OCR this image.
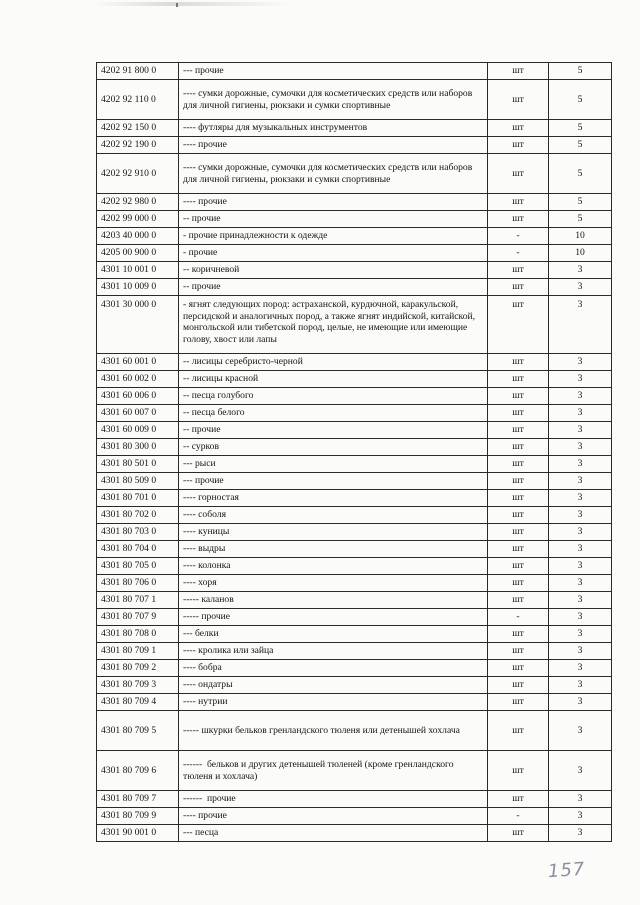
4202 91 800 0	--- прочие	шт	5
4202 92 110 0	---- сумки дорожные, сумочки для косметических средств или наборов для личной гигиены, рюкзаки и сумки спортивные	шт	5
4202 92 150 0	---- футляры для музыкальных инструментов	шт	5
4202 92 190 0	---- прочие	шт	5
4202 92 910 0	---- сумки дорожные, сумочки для косметических средств или наборов для личной гигиены, рюкзаки и сумки спортивные	шт	5
4202 92 980 0	---- прочие	шт	5
4202 99 000 0	-- прочие	шт	5
4203 40 000 0	- прочие принадлежности к одежде	-	10
4205 00 900 0	- прочие	-	10
4301 10 001 0	-- коричневой	шт	3
4301 10 009 0	-- прочие	шт	3
4301 30 000 0	- ягнят следующих пород: астраханской, курдючной, каракульской, персидской и аналогичных пород, а также ягнят индийской, китайской, монгольской или тибетской пород, целые, не имеющие или имеющие голову, хвост или лапы	шт	3
4301 60 001 0	-- лисицы серебристо-черной	шт	3
4301 60 002 0	-- лисицы красной	шт	3
4301 60 006 0	-- песца голубого	шт	3
4301 60 007 0	-- песца белого	шт	3
4301 60 009 0	-- прочие	шт	3
4301 80 300 0	-- сурков	шт	3
4301 80 501 0	--- рыси	шт	3
4301 80 509 0	--- прочие	шт	3
4301 80 701 0	---- горностая	шт	3
4301 80 702 0	---- соболя	шт	3
4301 80 703 0	---- куницы	шт	3
4301 80 704 0	---- выдры	шт	3
4301 80 705 0	---- колонка	шт	3
4301 80 706 0	---- хоря	шт	3
4301 80 707 1	----- каланов	шт	3
4301 80 707 9	----- прочие	-	3
4301 80 708 0	--- белки	шт	3
4301 80 709 1	---- кролика или зайца	шт	3
4301 80 709 2	---- бобра	шт	3
4301 80 709 3	---- ондатры	шт	3
4301 80 709 4	---- нутрии	шт	3
4301 80 709 5	----- шкурки бельков гренландского тюленя или детенышей хохлача	шт	3
4301 80 709 6	------  бельков и других детенышей тюленей (кроме гренландского тюленя и хохлача)	шт	3
4301 80 709 7	------  прочие	шт	3
4301 80 709 9	---- прочие	-	3
4301 90 001 0	--- песца	шт	3
157
